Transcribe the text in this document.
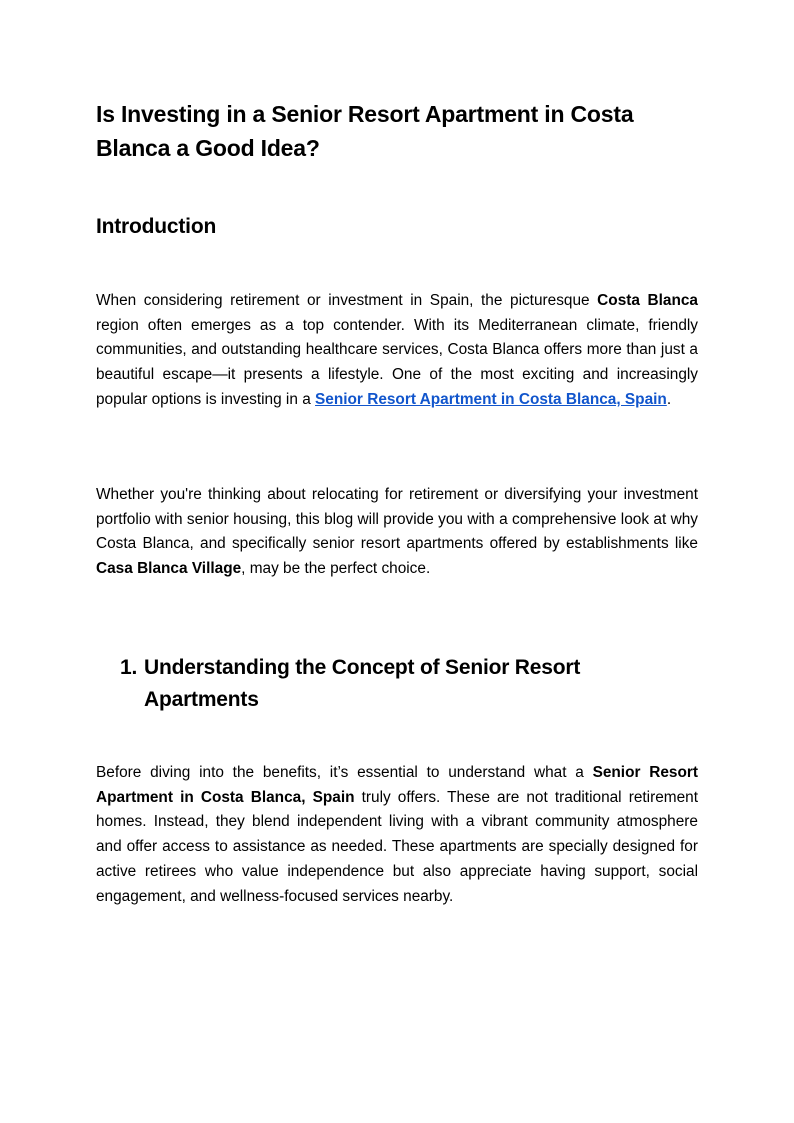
Is Investing in a Senior Resort Apartment in Costa Blanca a Good Idea?
Introduction

When considering retirement or investment in Spain, the picturesque Costa Blanca region often emerges as a top contender. With its Mediterranean climate, friendly communities, and outstanding healthcare services, Costa Blanca offers more than just a beautiful escape—it presents a lifestyle. One of the most exciting and increasingly popular options is investing in a Senior Resort Apartment in Costa Blanca, Spain.

Whether you're thinking about relocating for retirement or diversifying your investment portfolio with senior housing, this blog will provide you with a comprehensive look at why Costa Blanca, and specifically senior resort apartments offered by establishments like Casa Blanca Village, may be the perfect choice.

1. Understanding the Concept of Senior Resort Apartments

Before diving into the benefits, it’s essential to understand what a Senior Resort Apartment in Costa Blanca, Spain truly offers. These are not traditional retirement homes. Instead, they blend independent living with a vibrant community atmosphere and offer access to assistance as needed. These apartments are specially designed for active retirees who value independence but also appreciate having support, social engagement, and wellness-focused services nearby.
